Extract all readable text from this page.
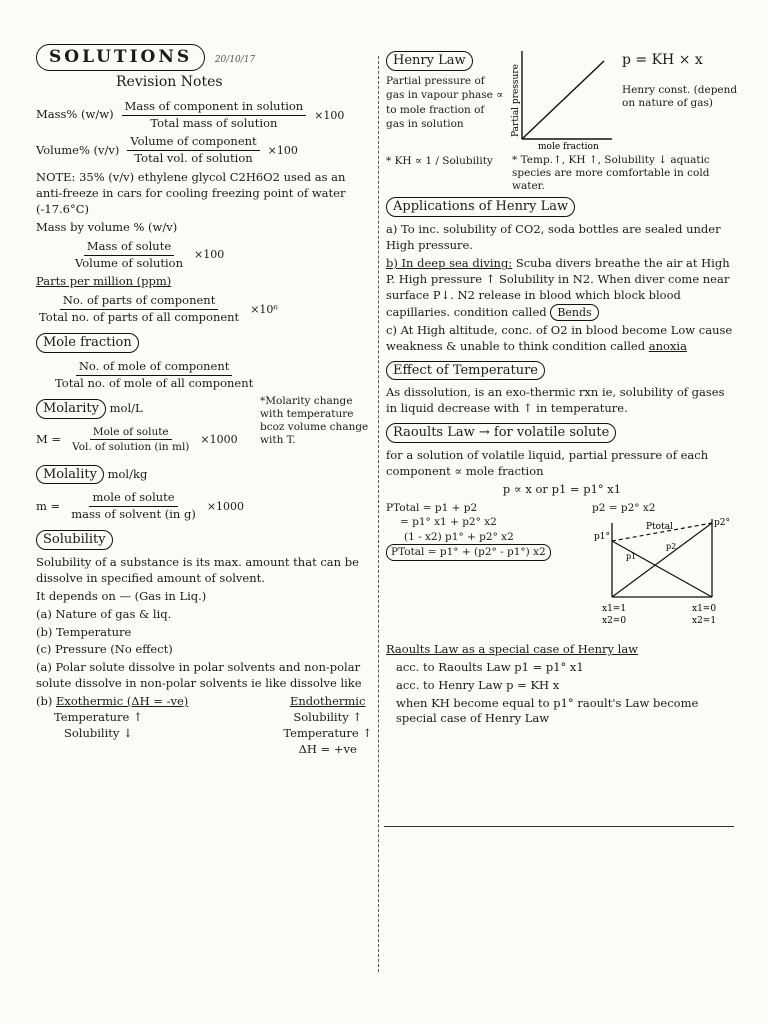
SOLUTIONS	20/10/17
Revision Notes
Mass% $(w/w) \frac{\text{Mass of component in solution}}{\text{Total mass of solution}} \times 100$
Volume% $(v/v) \frac{\text{Volume of component}}{\text{Total vol. of solution}} \times 100$
NOTE: 35% (v/v) ethylene glycol C2H6O2 used as an anti-freeze in cars for cooling freezing point of water (-17.6°C)
Mass by volume % (w/v)
$\frac{\text{Mass of solute}}{\text{Volume of solution}} \times 100$
Parts per million (ppm)
$\frac{\text{No. of parts of component}}{\text{Total no. of parts of all component}} \times 10^6$
Mole fraction
$\frac{\text{No. of mole of component}}{\text{Total no. of mole of all component}}$
Molarity mol/L
$M = \frac{\text{Mole of solute}}{\text{Vol. of solution (in ml)}} \times 1000$
*Molarity change with temperature bcoz volume change with T.
Molality mol/kg
$m = \frac{\text{mole of solute}}{\text{mass of solvent (in g)}} \times 1000$
Solubility
Solubility of a substance is its max. amount that can be dissolve in specified amount of solvent.
It depends on — (Gas in Liq.)
(a) Nature of gas & liq.
(b) Temperature
(c) Pressure (No effect)
(a) Polar solute dissolve in polar solvents and non-polar solute dissolve in non-polar solvents ie like dissolve like
(b) Exothermic (ΔH = -ve)
Temperature ↑
Solubility ↓
Endothermic
Solubility ↑
Temperature ↑
ΔH = +ve
Henry Law
Partial pressure of gas in vapour phase ∝ to mole fraction of gas in solution	Partial pressure
mole fraction
p = KH × x
Henry const. (depend on nature of gas)
* KH ∝ 1 / Solubility	* Temp.↑, KH ↑, Solubility ↓ aquatic species are more comfortable in cold water.
Applications of Henry Law
a) To inc. solubility of CO2, soda bottles are sealed under High pressure.
b) In deep sea diving: Scuba divers breathe the air at High P. High pressure ↑ Solubility in N2. When diver come near surface P↓. N2 release in blood which block blood capillaries. condition called Bends
c) At High altitude, conc. of O2 in blood become Low cause weakness & unable to think condition called anoxia
Effect of Temperature
As dissolution, is an exo-thermic rxn ie, solubility of gases in liquid decrease with ↑ in temperature.
Raoults Law → for volatile solute
for a solution of volatile liquid, partial pressure of each component ∝ mole fraction
p ∝ x or p1 = p1° x1
PTotal = p1 + p2
= p1° x1 + p2° x2
(1 - x2) p1° + p2° x2
PTotal = p1° + (p2° - p1°) x2
p2 = p2° x2
p1°
p2°
Ptotal
p1
p2
x1=1
x2=0
x1=0
x2=1
Raoults Law as a special case of Henry law
acc. to Raoults Law p1 = p1° x1
acc. to Henry Law p = KH x
when KH become equal to p1° raoult's Law become special case of Henry Law
